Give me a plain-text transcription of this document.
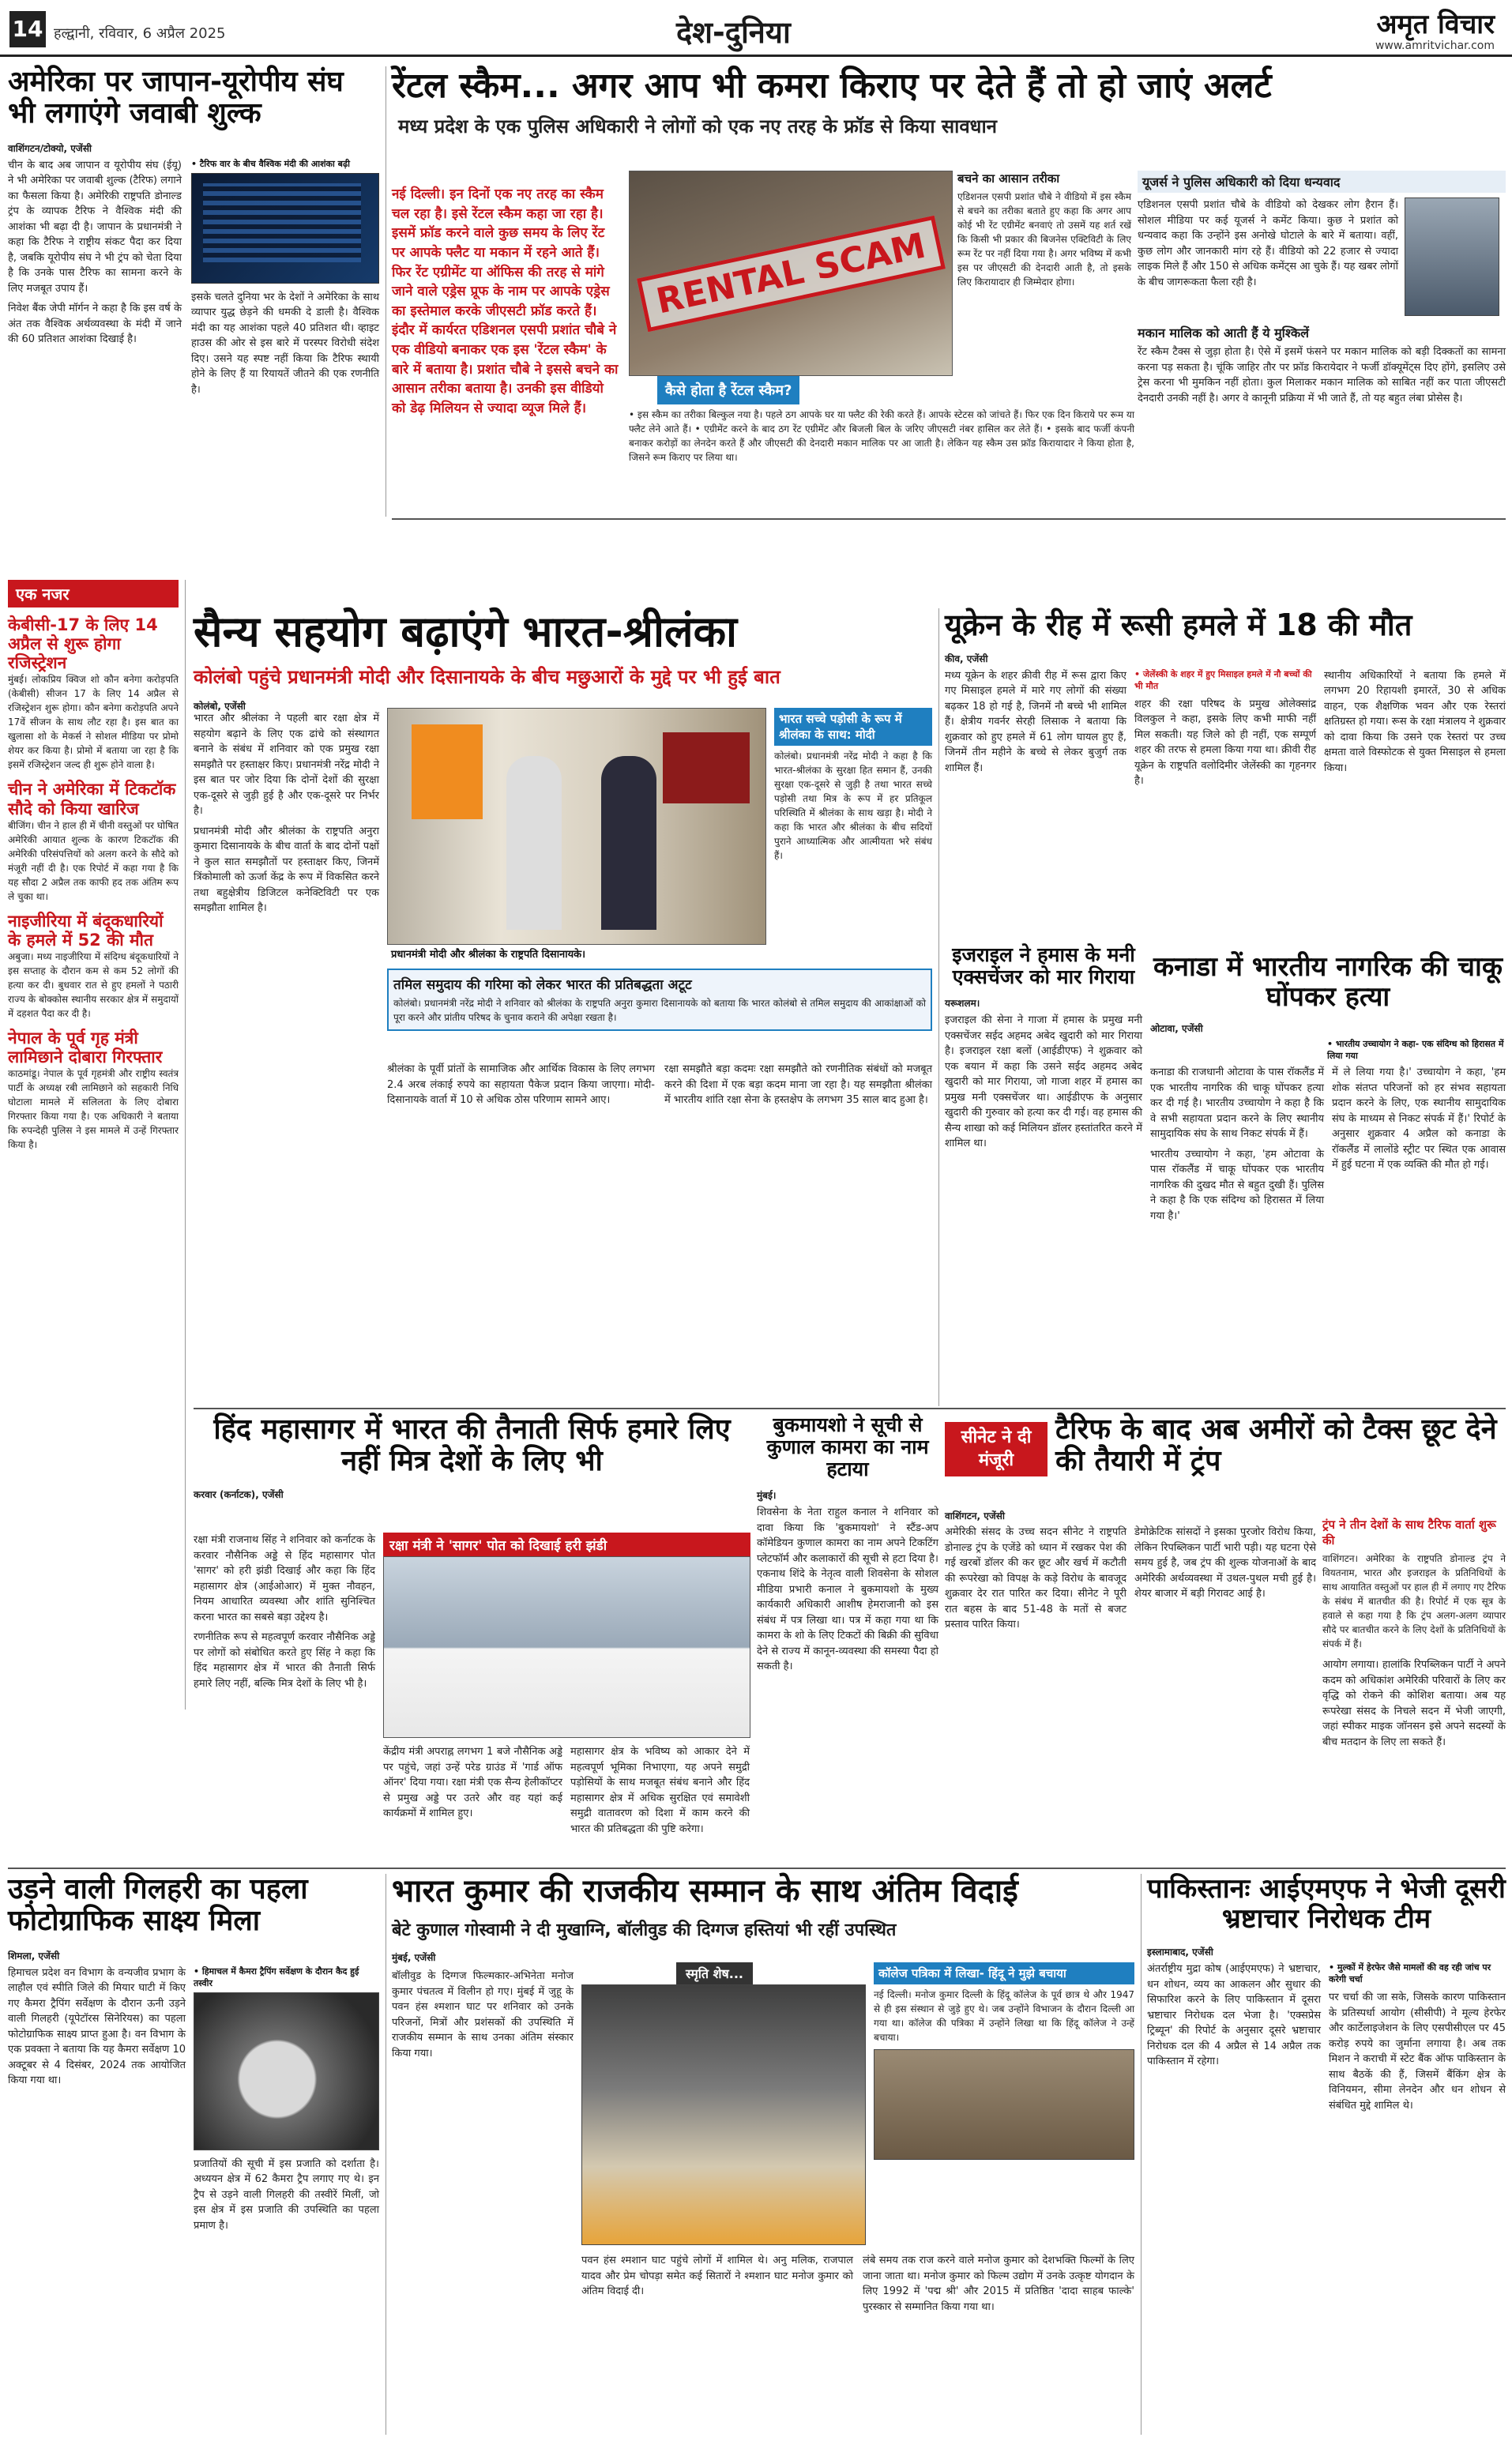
14 हल्द्वानी, रविवार, 6 अप्रैल 2025	देश-दुनिया	अमृत विचार
www.amritvichar.com
अमेरिका पर जापान-यूरोपीय संघ भी लगाएंगे जवाबी शुल्क
वाशिंगटन/टोक्यो, एजेंसी
चीन के बाद अब जापान व यूरोपीय संघ (ईयू) ने भी अमेरिका पर जवाबी शुल्क (टैरिफ) लगाने का फैसला किया है। अमेरिकी राष्ट्रपति डोनाल्ड ट्रंप के व्यापक टैरिफ ने वैश्विक मंदी की आशंका भी बढ़ा दी है। जापान के प्रधानमंत्री ने कहा कि टैरिफ ने राष्ट्रीय संकट पैदा कर दिया है, जबकि यूरोपीय संघ ने भी ट्रंप को चेता दिया है कि उनके पास टैरिफ का सामना करने के लिए मजबूत उपाय हैं।
निवेश बैंक जेपी मॉर्गन ने कहा है कि इस वर्ष के अंत तक वैश्विक अर्थव्यवस्था के मंदी में जाने की 60 प्रतिशत आशंका दिखाई है।
• टैरिफ वार के बीच वैश्विक मंदी की आशंका बढ़ी
इसके चलते दुनिया भर के देशों ने अमेरिका के साथ व्यापार युद्ध छेड़ने की धमकी दे डाली है। वैश्विक मंदी का यह आशंका पहले 40 प्रतिशत थी। व्हाइट हाउस की ओर से इस बारे में परस्पर विरोधी संदेश दिए। उसने यह स्पष्ट नहीं किया कि टैरिफ स्थायी होने के लिए हैं या रियायतें जीतने की एक रणनीति है।
रेंटल स्कैम... अगर आप भी कमरा किराए पर देते हैं तो हो जाएं अलर्ट
मध्य प्रदेश के एक पुलिस अधिकारी ने लोगों को एक नए तरह के फ्रॉड से किया सावधान
नई दिल्ली। इन दिनों एक नए तरह का स्कैम चल रहा है। इसे रेंटल स्कैम कहा जा रहा है। इसमें फ्रॉड करने वाले कुछ समय के लिए रेंट पर आपके फ्लैट या मकान में रहने आते हैं। फिर रेंट एग्रीमेंट या ऑफिस की तरह से मांगे जाने वाले एड्रेस प्रूफ के नाम पर आपके एड्रेस का इस्तेमाल करके जीएसटी फ्रॉड करते हैं। इंदौर में कार्यरत एडिशनल एसपी प्रशांत चौबे ने एक वीडियो बनाकर एक इस 'रेंटल स्कैम' के बारे में बताया है। प्रशांत चौबे ने इससे बचने का आसान तरीका बताया है। उनकी इस वीडियो को डेढ़ मिलियन से ज्यादा व्यूज मिले हैं।
RENTAL SCAM
बचने का आसान तरीका
एडिशनल एसपी प्रशांत चौबे ने वीडियो में इस स्कैम से बचने का तरीका बताते हुए कहा कि अगर आप कोई भी रेंट एग्रीमेंट बनवाएं तो उसमें यह शर्त रखें कि किसी भी प्रकार की बिजनेस एक्टिविटी के लिए रूम रेंट पर नहीं दिया गया है। अगर भविष्य में कभी इस पर जीएसटी की देनदारी आती है, तो इसके लिए किरायादार ही जिम्मेदार होगा।
कैसे होता है रेंटल स्कैम?
• इस स्कैम का तरीका बिल्कुल नया है। पहले ठग आपके घर या फ्लैट की रेकी करते हैं। आपके स्टेटस को जांचते हैं। फिर एक दिन किराये पर रूम या फ्लैट लेने आते हैं। • एग्रीमेंट करने के बाद ठग रेंट एग्रीमेंट और बिजली बिल के जरिए जीएसटी नंबर हासिल कर लेते हैं। • इसके बाद फर्जी कंपनी बनाकर करोड़ों का लेनदेन करते हैं और जीएसटी की देनदारी मकान मालिक पर आ जाती है। लेकिन यह स्कैम उस फ्रॉड किरायादार ने किया होता है, जिसने रूम किराए पर लिया था।
यूजर्स ने पुलिस अधिकारी को दिया धन्यवाद
एडिशनल एसपी प्रशांत चौबे के वीडियो को देखकर लोग हैरान हैं। सोशल मीडिया पर कई यूजर्स ने कमेंट किया। कुछ ने प्रशांत को धन्यवाद कहा कि उन्होंने इस अनोखे घोटाले के बारे में बताया। वहीं, कुछ लोग और जानकारी मांग रहे हैं। वीडियो को 22 हजार से ज्यादा लाइक मिले हैं और 150 से अधिक कमेंट्स आ चुके हैं। यह खबर लोगों के बीच जागरूकता फैला रही है।
मकान मालिक को आती हैं ये मुश्किलें
रेंट स्कैम टैक्स से जुड़ा होता है। ऐसे में इसमें फंसने पर मकान मालिक को बड़ी दिक्कतों का सामना करना पड़ सकता है। चूंकि जाहिर तौर पर फ्रॉड किरायेदार ने फर्जी डॉक्यूमेंट्स दिए होंगे, इसलिए उसे ट्रेस करना भी मुमकिन नहीं होता। कुल मिलाकर मकान मालिक को साबित नहीं कर पाता जीएसटी देनदारी उनकी नहीं है। अगर वे कानूनी प्रक्रिया में भी जाते हैं, तो यह बहुत लंबा प्रोसेस है।
एक नजर
केबीसी-17 के लिए 14 अप्रैल से शुरू होगा रजिस्ट्रेशन
मुंबई। लोकप्रिय क्विज शो कौन बनेगा करोड़पति (केबीसी) सीजन 17 के लिए 14 अप्रैल से रजिस्ट्रेशन शुरू होगा। कौन बनेगा करोड़पति अपने 17वें सीजन के साथ लौट रहा है। इस बात का खुलासा शो के मेकर्स ने सोशल मीडिया पर प्रोमो शेयर कर किया है। प्रोमो में बताया जा रहा है कि इसमें रजिस्ट्रेशन जल्द ही शुरू होने वाला है।
चीन ने अमेरिका में टिकटॉक सौदे को किया खारिज
बीजिंग। चीन ने हाल ही में चीनी वस्तुओं पर घोषित अमेरिकी आयात शुल्क के कारण टिकटॉक की अमेरिकी परिसंपत्तियों को अलग करने के सौदे को मंजूरी नहीं दी है। एक रिपोर्ट में कहा गया है कि यह सौदा 2 अप्रैल तक काफी हद तक अंतिम रूप ले चुका था।
नाइजीरिया में बंदूकधारियों के हमले में 52 की मौत
अबुजा। मध्य नाइजीरिया में संदिग्ध बंदूकधारियों ने इस सप्ताह के दौरान कम से कम 52 लोगों की हत्या कर दी। बुधवार रात से हुए हमलों ने पठारी राज्य के बोक्कोस स्थानीय सरकार क्षेत्र में समुदायों में दहशत पैदा कर दी है।
नेपाल के पूर्व गृह मंत्री लामिछाने दोबारा गिरफ्तार
काठमांडू। नेपाल के पूर्व गृहमंत्री और राष्ट्रीय स्वतंत्र पार्टी के अध्यक्ष रबी लामिछाने को सहकारी निधि घोटाला मामले में सलिलता के लिए दोबारा गिरफ्तार किया गया है। एक अधिकारी ने बताया कि रुपन्देही पुलिस ने इस मामले में उन्हें गिरफ्तार किया है।
सैन्य सहयोग बढ़ाएंगे भारत-श्रीलंका
कोलंबो पहुंचे प्रधानमंत्री मोदी और दिसानायके के बीच मछुआरों के मुद्दे पर भी हुई बात
कोलंबो, एजेंसी
भारत और श्रीलंका ने पहली बार रक्षा क्षेत्र में सहयोग बढ़ाने के लिए एक ढांचे को संस्थागत बनाने के संबंध में शनिवार को एक प्रमुख रक्षा समझौते पर हस्ताक्षर किए। प्रधानमंत्री नरेंद्र मोदी ने इस बात पर जोर दिया कि दोनों देशों की सुरक्षा एक-दूसरे से जुड़ी हुई है और एक-दूसरे पर निर्भर है।
प्रधानमंत्री मोदी और श्रीलंका के राष्ट्रपति अनुरा कुमारा दिसानायके के बीच वार्ता के बाद दोनों पक्षों ने कुल सात समझौतों पर हस्ताक्षर किए, जिनमें त्रिंकोमाली को ऊर्जा केंद्र के रूप में विकसित करने तथा बहुक्षेत्रीय डिजिटल कनेक्टिविटी पर एक समझौता शामिल है।
प्रधानमंत्री मोदी और श्रीलंका के राष्ट्रपति दिसानायके।
भारत सच्चे पड़ोसी के रूप में श्रीलंका के साथ: मोदी
कोलंबो। प्रधानमंत्री नरेंद्र मोदी ने कहा है कि भारत-श्रीलंका के सुरक्षा हित समान हैं, उनकी सुरक्षा एक-दूसरे से जुड़ी है तथा भारत सच्चे पड़ोसी तथा मित्र के रूप में हर प्रतिकूल परिस्थिति में श्रीलंका के साथ खड़ा है। मोदी ने कहा कि भारत और श्रीलंका के बीच सदियों पुराने आध्यात्मिक और आत्मीयता भरे संबंध हैं।
तमिल समुदाय की गरिमा को लेकर भारत की प्रतिबद्धता अटूट
कोलंबो। प्रधानमंत्री नरेंद्र मोदी ने शनिवार को श्रीलंका के राष्ट्रपति अनुरा कुमारा दिसानायके को बताया कि भारत कोलंबो से तमिल समुदाय की आकांक्षाओं को पूरा करने और प्रांतीय परिषद के चुनाव कराने की अपेक्षा रखता है।
श्रीलंका के पूर्वी प्रांतों के सामाजिक और आर्थिक विकास के लिए लगभग 2.4 अरब लंकाई रुपये का सहायता पैकेज प्रदान किया जाएगा। मोदी-दिसानायके वार्ता में 10 से अधिक ठोस परिणाम सामने आए।
रक्षा समझौते बड़ा कदमः रक्षा समझौते को रणनीतिक संबंधों को मजबूत करने की दिशा में एक बड़ा कदम माना जा रहा है। यह समझौता श्रीलंका में भारतीय शांति रक्षा सेना के हस्तक्षेप के लगभग 35 साल बाद हुआ है।
यूक्रेन के रीह में रूसी हमले में 18 की मौत
कीव, एजेंसी
मध्य यूक्रेन के शहर क्रीवी रीह में रूस द्वारा किए गए मिसाइल हमले में मारे गए लोगों की संख्या बढ़कर 18 हो गई है, जिनमें नौ बच्चे भी शामिल हैं। क्षेत्रीय गवर्नर सेरही लिसाक ने बताया कि शुक्रवार को हुए हमले में 61 लोग घायल हुए हैं, जिनमें तीन महीने के बच्चे से लेकर बुजुर्ग तक शामिल हैं।
• जेलेंस्की के शहर में हुए मिसाइल हमले में नौ बच्चों की भी मौत
शहर की रक्षा परिषद के प्रमुख ओलेक्सांद्र विलकुल ने कहा, इसके लिए कभी माफी नहीं मिल सकती। यह जिले को ही नहीं, एक सम्पूर्ण शहर की तरफ से हमला किया गया था। क्रीवी रीह यूक्रेन के राष्ट्रपति वलोदिमीर जेलेंस्की का गृहनगर है।
स्थानीय अधिकारियों ने बताया कि हमले में लगभग 20 रिहायशी इमारतें, 30 से अधिक वाहन, एक शैक्षणिक भवन और एक रेस्तरां क्षतिग्रस्त हो गया। रूस के रक्षा मंत्रालय ने शुक्रवार को दावा किया कि उसने एक रेस्तरां पर उच्च क्षमता वाले विस्फोटक से युक्त मिसाइल से हमला किया।
इजराइल ने हमास के मनी एक्सचेंजर को मार गिराया
यरूशलम।
इजराइल की सेना ने गाजा में हमास के प्रमुख मनी एक्सचेंजर सईद अहमद अबेद खुदारी को मार गिराया है। इजराइल रक्षा बलों (आईडीएफ) ने शुक्रवार को एक बयान में कहा कि उसने सईद अहमद अबेद खुदारी को मार गिराया, जो गाजा शहर में हमास का प्रमुख मनी एक्सचेंजर था। आईडीएफ के अनुसार खुदारी की गुरुवार को हत्या कर दी गई। वह हमास की सैन्य शाखा को कई मिलियन डॉलर हस्तांतरित करने में शामिल था।
कनाडा में भारतीय नागरिक की चाकू घोंपकर हत्या
ओटावा, एजेंसी
• भारतीय उच्चायोग ने कहा- एक संदिग्ध को हिरासत में लिया गया
कनाडा की राजधानी ओटावा के पास रॉकलैंड में एक भारतीय नागरिक की चाकू घोंपकर हत्या कर दी गई है। भारतीय उच्चायोग ने कहा है कि वे सभी सहायता प्रदान करने के लिए स्थानीय सामुदायिक संघ के साथ निकट संपर्क में हैं।
भारतीय उच्चायोग ने कहा, 'हम ओटावा के पास रॉकलैंड में चाकू घोंपकर एक भारतीय नागरिक की दुखद मौत से बहुत दुखी हैं। पुलिस ने कहा है कि एक संदिग्ध को हिरासत में लिया गया है।'
में ले लिया गया है।' उच्चायोग ने कहा, 'हम शोक संतप्त परिजनों को हर संभव सहायता प्रदान करने के लिए, एक स्थानीय सामुदायिक संघ के माध्यम से निकट संपर्क में हैं।' रिपोर्ट के अनुसार शुक्रवार 4 अप्रैल को कनाडा के रॉकलैंड में लालोंडे स्ट्रीट पर स्थित एक आवास में हुई घटना में एक व्यक्ति की मौत हो गई।
हिंद महासागर में भारत की तैनाती सिर्फ हमारे लिए नहीं मित्र देशों के लिए भी
करवार (कर्नाटक), एजेंसी
रक्षा मंत्री राजनाथ सिंह ने शनिवार को कर्नाटक के करवार नौसैनिक अड्डे से हिंद महासागर पोत 'सागर' को हरी झंडी दिखाई और कहा कि हिंद महासागर क्षेत्र (आईओआर) में मुक्त नौवहन, नियम आधारित व्यवस्था और शांति सुनिश्चित करना भारत का सबसे बड़ा उद्देश्य है।
रणनीतिक रूप से महत्वपूर्ण करवार नौसैनिक अड्डे पर लोगों को संबोधित करते हुए सिंह ने कहा कि हिंद महासागर क्षेत्र में भारत की तैनाती सिर्फ हमारे लिए नहीं, बल्कि मित्र देशों के लिए भी है।
रक्षा मंत्री ने 'सागर' पोत को दिखाई हरी झंडी
केंद्रीय मंत्री अपराह्न लगभग 1 बजे नौसैनिक अड्डे पर पहुंचे, जहां उन्हें परेड ग्राउंड में 'गार्ड ऑफ ऑनर' दिया गया। रक्षा मंत्री एक सैन्य हेलीकॉप्टर से प्रमुख अड्डे पर उतरे और वह यहां कई कार्यक्रमों में शामिल हुए।
महासागर क्षेत्र के भविष्य को आकार देने में महत्वपूर्ण भूमिका निभाएगा, यह अपने समुद्री पड़ोसियों के साथ मजबूत संबंध बनाने और हिंद महासागर क्षेत्र में अधिक सुरक्षित एवं समावेशी समुद्री वातावरण को दिशा में काम करने की भारत की प्रतिबद्धता की पुष्टि करेगा।
बुकमायशो ने सूची से कुणाल कामरा का नाम हटाया
मुंबई।
शिवसेना के नेता राहुल कनाल ने शनिवार को दावा किया कि 'बुकमायशो' ने स्टैंड-अप कॉमेडियन कुणाल कामरा का नाम अपने टिकटिंग प्लेटफॉर्म और कलाकारों की सूची से हटा दिया है। एकनाथ शिंदे के नेतृत्व वाली शिवसेना के सोशल मीडिया प्रभारी कनाल ने बुकमायशो के मुख्य कार्यकारी अधिकारी आशीष हेमराजानी को इस संबंध में पत्र लिखा था। पत्र में कहा गया था कि कामरा के शो के लिए टिकटों की बिक्री की सुविधा देने से राज्य में कानून-व्यवस्था की समस्या पैदा हो सकती है।
सीनेट ने दी मंजूरी
टैरिफ के बाद अब अमीरों को टैक्स छूट देने की तैयारी में ट्रंप
वाशिंगटन, एजेंसी
अमेरिकी संसद के उच्च सदन सीनेट ने राष्ट्रपति डोनाल्ड ट्रंप के एजेंडे को ध्यान में रखकर पेश की गई खरबों डॉलर की कर छूट और खर्च में कटौती की रूपरेखा को विपक्ष के कड़े विरोध के बावजूद शुक्रवार देर रात पारित कर दिया। सीनेट ने पूरी रात बहस के बाद 51-48 के मतों से बजट प्रस्ताव पारित किया।
डेमोक्रेटिक सांसदों ने इसका पुरजोर विरोध किया, लेकिन रिपब्लिकन पार्टी भारी पड़ी। यह घटना ऐसे समय हुई है, जब ट्रंप की शुल्क योजनाओं के बाद अमेरिकी अर्थव्यवस्था में उथल-पुथल मची हुई है। शेयर बाजार में बड़ी गिरावट आई है।
ट्रंप ने तीन देशों के साथ टैरिफ वार्ता शुरू की
वाशिंगटन। अमेरिका के राष्ट्रपति डोनाल्ड ट्रंप ने वियतनाम, भारत और इजराइल के प्रतिनिधियों के साथ आयातित वस्तुओं पर हाल ही में लगाए गए टैरिफ के संबंध में बातचीत की है। रिपोर्ट में एक सूत्र के हवाले से कहा गया है कि ट्रंप अलग-अलग व्यापार सौदे पर बातचीत करने के लिए देशों के प्रतिनिधियों के संपर्क में हैं।
आयोग लगाया। हालांकि रिपब्लिकन पार्टी ने अपने कदम को अधिकांश अमेरिकी परिवारों के लिए कर वृद्धि को रोकने की कोशिश बताया। अब यह रूपरेखा संसद के निचले सदन में भेजी जाएगी, जहां स्पीकर माइक जॉनसन इसे अपने सदस्यों के बीच मतदान के लिए ला सकते हैं।
उड़ने वाली गिलहरी का पहला फोटोग्राफिक साक्ष्य मिला
शिमला, एजेंसी
हिमाचल प्रदेश वन विभाग के वन्यजीव प्रभाग के लाहौल एवं स्पीति जिले की मियार घाटी में किए गए कैमरा ट्रैपिंग सर्वेक्षण के दौरान ऊनी उड़ने वाली गिलहरी (यूपेटॉरस सिनेरियस) का पहला फोटोग्राफिक साक्ष्य प्राप्त हुआ है। वन विभाग के एक प्रवक्ता ने बताया कि यह कैमरा सर्वेक्षण 10 अक्टूबर से 4 दिसंबर, 2024 तक आयोजित किया गया था।
• हिमाचल में कैमरा ट्रैपिंग सर्वेक्षण के दौरान कैद हुई तस्वीर
प्रजातियों की सूची में इस प्रजाति को दर्शाता है। अध्ययन क्षेत्र में 62 कैमरा ट्रैप लगाए गए थे। इन ट्रैप से उड़ने वाली गिलहरी की तस्वीरें मिलीं, जो इस क्षेत्र में इस प्रजाति की उपस्थिति का पहला प्रमाण है।
भारत कुमार की राजकीय सम्मान के साथ अंतिम विदाई
बेटे कुणाल गोस्वामी ने दी मुखाग्नि, बॉलीवुड की दिग्गज हस्तियां भी रहीं उपस्थित
मुंबई, एजेंसी
बॉलीवुड के दिग्गज फिल्मकार-अभिनेता मनोज कुमार पंचतत्व में विलीन हो गए। मुंबई में जुहू के पवन हंस श्मशान घाट पर शनिवार को उनके परिजनों, मित्रों और प्रशंसकों की उपस्थिति में राजकीय सम्मान के साथ उनका अंतिम संस्कार किया गया।
स्मृति शेष...	कॉलेज पत्रिका में लिखा- हिंदू ने मुझे बचाया
नई दिल्ली। मनोज कुमार दिल्ली के हिंदू कॉलेज के पूर्व छात्र थे और 1947 से ही इस संस्थान से जुड़े हुए थे। जब उन्होंने विभाजन के दौरान दिल्ली आ गया था। कॉलेज की पत्रिका में उन्होंने लिखा था कि हिंदू कॉलेज ने उन्हें बचाया।
पवन हंस श्मशान घाट पहुंचे लोगों में शामिल थे। अनु मलिक, राजपाल यादव और प्रेम चोपड़ा समेत कई सितारों ने श्मशान घाट मनोज कुमार को अंतिम विदाई दी।
लंबे समय तक राज करने वाले मनोज कुमार को देशभक्ति फिल्मों के लिए जाना जाता था। मनोज कुमार को फिल्म उद्योग में उनके उत्कृष्ट योगदान के लिए 1992 में 'पद्म श्री' और 2015 में प्रतिष्ठित 'दादा साहब फाल्के' पुरस्कार से सम्मानित किया गया था।
पाकिस्तानः आईएमएफ ने भेजी दूसरी भ्रष्टाचार निरोधक टीम
इस्लामाबाद, एजेंसी
अंतर्राष्ट्रीय मुद्रा कोष (आईएमएफ) ने भ्रष्टाचार, धन शोधन, व्यय का आकलन और सुधार की सिफारिश करने के लिए पाकिस्तान में दूसरा भ्रष्टाचार निरोधक दल भेजा है। 'एक्सप्रेस ट्रिब्यून' की रिपोर्ट के अनुसार दूसरे भ्रष्टाचार निरोधक दल की 4 अप्रैल से 14 अप्रैल तक पाकिस्तान में रहेगा।
• मुल्कों में हेरफेर जैसे मामलों की वह रही जांच पर करेगी चर्चा
पर चर्चा की जा सके, जिसके कारण पाकिस्तान के प्रतिस्पर्धा आयोग (सीसीपी) ने मूल्य हेरफेर और कार्टेलाइजेशन के लिए एसपीसीएल पर 45 करोड़ रुपये का जुर्माना लगाया है। अब तक मिशन ने कराची में स्टेट बैंक ऑफ पाकिस्तान के साथ बैठकें की हैं, जिसमें बैंकिंग क्षेत्र के विनियमन, सीमा लेनदेन और धन शोधन से संबंधित मुद्दे शामिल थे।
